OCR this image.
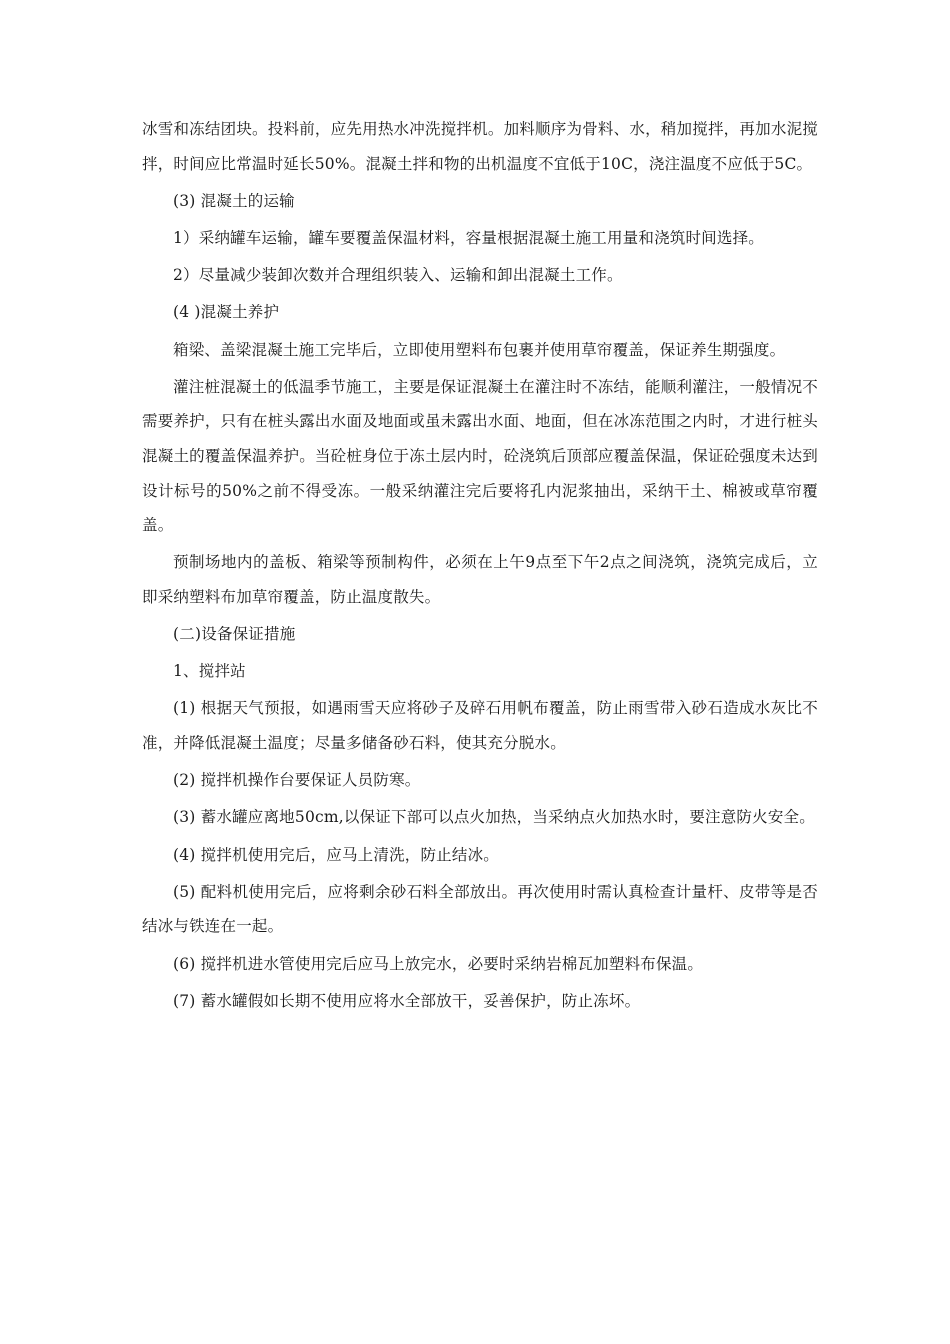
冰雪和冻结团块。投料前，应先用热水冲洗搅拌机。加料顺序为骨料、水，稍加搅拌，再加水泥搅拌，时间应比常温时延长50%。混凝土拌和物的出机温度不宜低于10C，浇注温度不应低于5C。

(3) 混凝土的运输

1）采纳罐车运输，罐车要覆盖保温材料，容量根据混凝土施工用量和浇筑时间选择。

2）尽量减少装卸次数并合理组织装入、运输和卸出混凝土工作。

(4 )混凝土养护

箱梁、盖梁混凝土施工完毕后，立即使用塑料布包裹并使用草帘覆盖，保证养生期强度。

灌注桩混凝土的低温季节施工，主要是保证混凝土在灌注时不冻结，能顺利灌注，一般情况不需要养护，只有在桩头露出水面及地面或虽未露出水面、地面，但在冰冻范围之内时，才进行桩头混凝土的覆盖保温养护。当砼桩身位于冻土层内时，砼浇筑后顶部应覆盖保温，保证砼强度未达到设计标号的50%之前不得受冻。一般采纳灌注完后要将孔内泥浆抽出，采纳干土、棉被或草帘覆盖。

预制场地内的盖板、箱梁等预制构件，必须在上午9点至下午2点之间浇筑，浇筑完成后，立即采纳塑料布加草帘覆盖，防止温度散失。

(二)设备保证措施

1、搅拌站

(1) 根据天气预报，如遇雨雪天应将砂子及碎石用帆布覆盖，防止雨雪带入砂石造成水灰比不准，并降低混凝土温度；尽量多储备砂石料，使其充分脱水。

(2) 搅拌机操作台要保证人员防寒。

(3) 蓄水罐应离地50cm,以保证下部可以点火加热，当采纳点火加热水时，要注意防火安全。

(4) 搅拌机使用完后，应马上清洗，防止结冰。

(5) 配料机使用完后，应将剩余砂石料全部放出。再次使用时需认真检查计量杆、皮带等是否结冰与铁连在一起。

(6) 搅拌机进水管使用完后应马上放完水，必要时采纳岩棉瓦加塑料布保温。

(7) 蓄水罐假如长期不使用应将水全部放干，妥善保护，防止冻坏。
